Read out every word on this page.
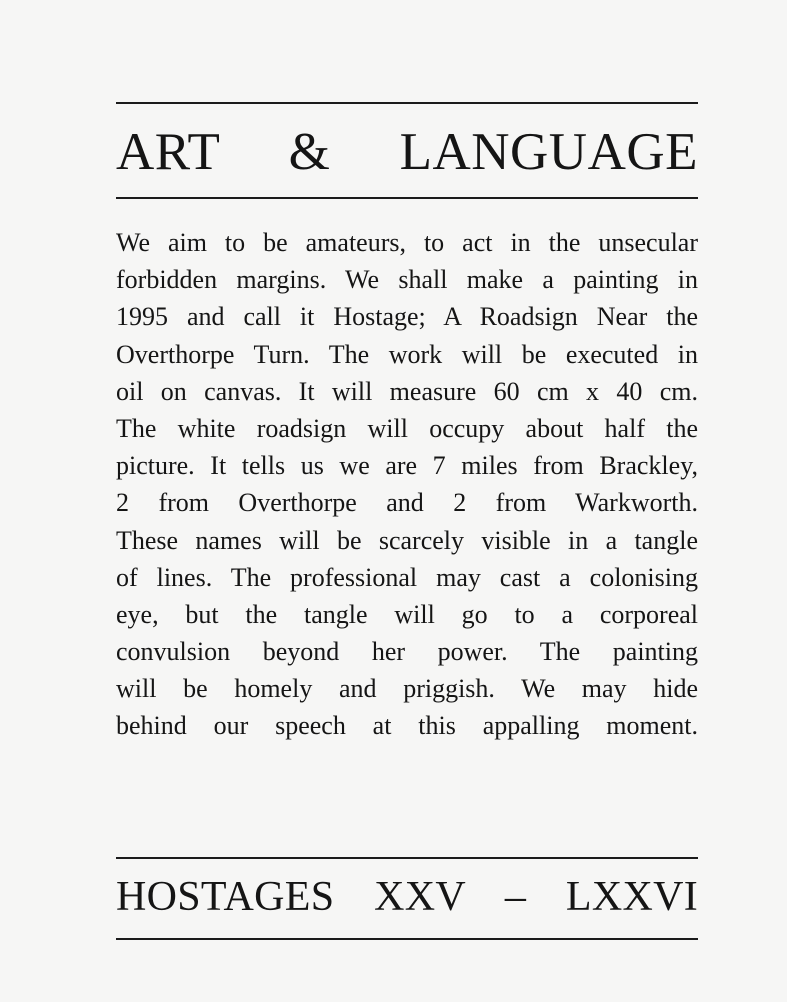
ART & LANGUAGE
We aim to be amateurs, to act in the unsecular
forbidden margins. We shall make a painting in
1995 and call it Hostage; A Roadsign Near the
Overthorpe Turn. The work will be executed in
oil on canvas. It will measure 60 cm x 40 cm.
The white roadsign will occupy about half the
picture. It tells us we are 7 miles from Brackley,
2 from Overthorpe and 2 from Warkworth.
These names will be scarcely visible in a tangle
of lines. The professional may cast a colonising
eye, but the tangle will go to a corporeal
convulsion beyond her power. The painting
will be homely and priggish. We may hide
behind our speech at this appalling moment.
HOSTAGES XXV – LXXVI
